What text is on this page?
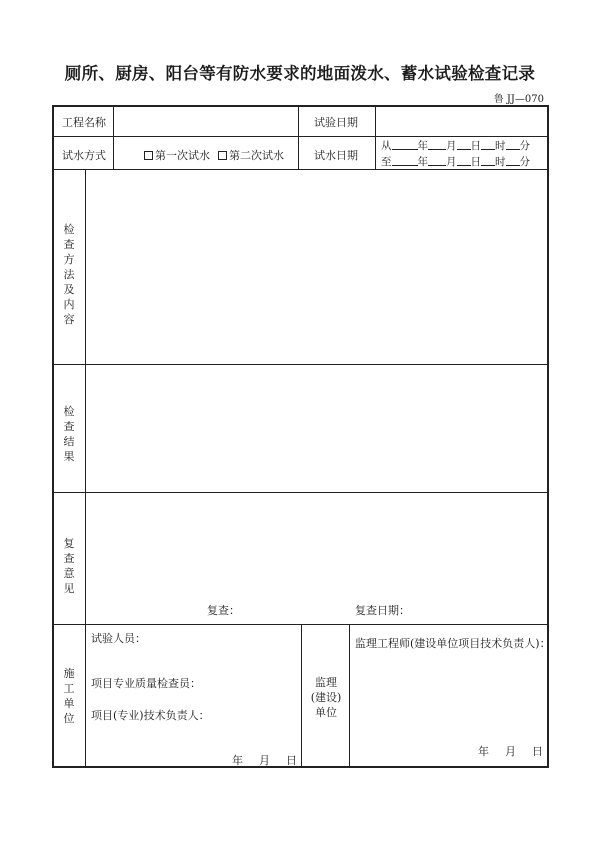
厕所、厨房、阳台等有防水要求的地面泼水、蓄水试验检查记录
鲁 JJ—070
工程名称	试验日期
试水方式	第一次试水	第二次试水	试水日期
从 年 月 日 时 分
至 年 月 日 时 分
检查方法及内容
检查结果
复查意见
复查：	复查日期：
施工单位
试验人员：
项目专业质量检查员：
项目(专业)技术负责人：
年 月 日
监理
(建设)
单位
监理工程师(建设单位项目技术负责人)：
年 月 日
